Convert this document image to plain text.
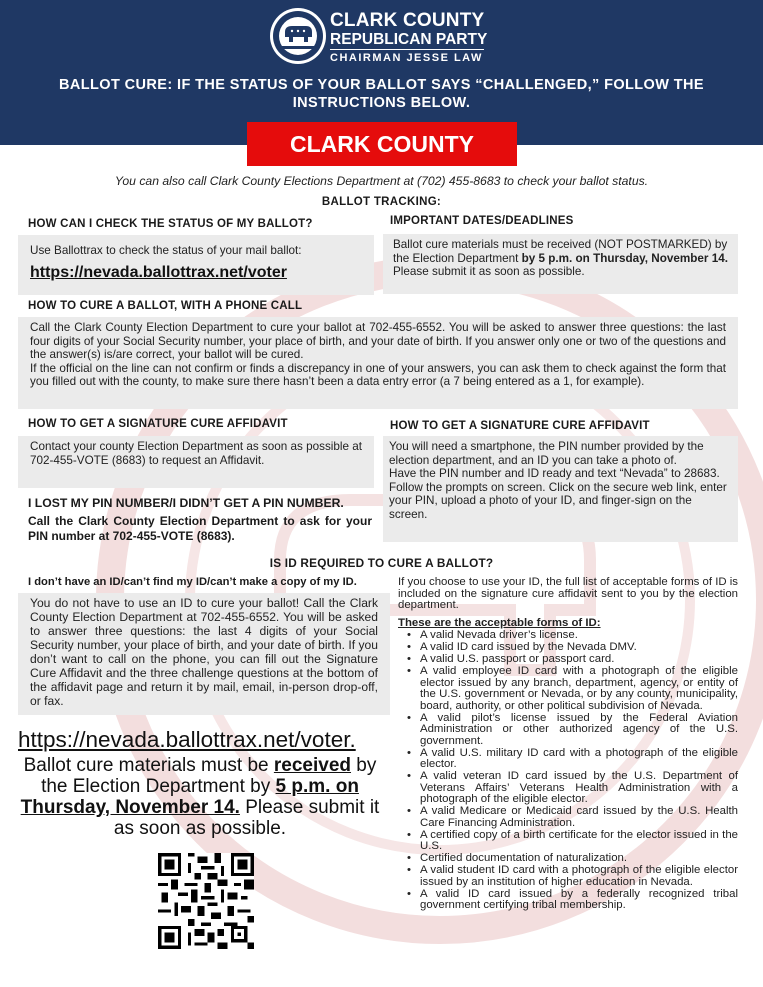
CLARK COUNTY
REPUBLICAN PARTY
CHAIRMAN JESSE LAW
BALLOT CURE: IF THE STATUS OF YOUR BALLOT SAYS “CHALLENGED,” FOLLOW THE INSTRUCTIONS BELOW.
CLARK COUNTY
You can also call Clark County Elections Department at (702) 455-8683 to check your ballot status.
BALLOT TRACKING:
HOW CAN I CHECK THE STATUS OF MY BALLOT?

Use Ballottrax to check the status of your mail ballot:

https://nevada.ballottrax.net/voter
IMPORTANT DATES/DEADLINES

Ballot cure materials must be received (NOT POSTMARKED) by the Election Department by 5 p.m. on Thursday, November 14. Please submit it as soon as possible.

HOW TO CURE A BALLOT, WITH A PHONE CALL

Call the Clark County Election Department to cure your ballot at 702-455-6552. You will be asked to answer three questions: the last four digits of your Social Security number, your place of birth, and your date of birth. If you answer only one or two of the questions and the answer(s) is/are correct, your ballot will be cured.

If the official on the line can not confirm or finds a discrepancy in one of your answers, you can ask them to check against the form that you filled out with the county, to make sure there hasn’t been a data entry error (a 7 being entered as a 1, for example).

HOW TO GET A SIGNATURE CURE AFFIDAVIT

Contact your county Election Department as soon as possible at 702-455-VOTE (8683) to request an Affidavit.

HOW TO GET A SIGNATURE CURE AFFIDAVIT

You will need a smartphone, the PIN number provided by the election department, and an ID you can take a photo of.

Have the PIN number and ID ready and text “Nevada” to 28683. Follow the prompts on screen. Click on the secure web link, enter your PIN, upload a photo of your ID, and finger-sign on the screen.

I LOST MY PIN NUMBER/I DIDN’T GET A PIN NUMBER.
Call the Clark County Election Department to ask for your PIN number at 702-455-VOTE (8683).
IS ID REQUIRED TO CURE A BALLOT?
I don’t have an ID/can’t find my ID/can’t make a copy of my ID.

You do not have to use an ID to cure your ballot! Call the Clark County Election Department at 702-455-6552. You will be asked to answer three questions: the last 4 digits of your Social Security number, your place of birth, and your date of birth. If you don’t want to call on the phone, you can fill out the Signature Cure Affidavit and the three challenge questions at the bottom of the affidavit page and return it by mail, email, in-person drop-off, or fax.

If you choose to use your ID, the full list of acceptable forms of ID is included on the signature cure affidavit sent to you by the election department.

These are the acceptable forms of ID:

• A valid Nevada driver’s license.
• A valid ID card issued by the Nevada DMV.
• A valid U.S. passport or passport card.
• A valid employee ID card with a photograph of the eligible elector issued by any branch, department, agency, or entity of the U.S. government or Nevada, or by any county, municipality, board, authority, or other political subdivision of Nevada.
• A valid pilot’s license issued by the Federal Aviation Administration or other authorized agency of the U.S. government.
• A valid U.S. military ID card with a photograph of the eligible elector.
• A valid veteran ID card issued by the U.S. Department of Veterans Affairs’ Veterans Health Administration with a photograph of the eligible elector.
• A valid Medicare or Medicaid card issued by the U.S. Health Care Financing Administration.
• A certified copy of a birth certificate for the elector issued in the U.S.
• Certified documentation of naturalization.
• A valid student ID card with a photograph of the eligible elector issued by an institution of higher education in Nevada.
• A valid ID card issued by a federally recognized tribal government certifying tribal membership.
https://nevada.ballottrax.net/voter.
Ballot cure materials must be received by the Election Department by 5 p.m. on Thursday, November 14. Please submit it as soon as possible.
